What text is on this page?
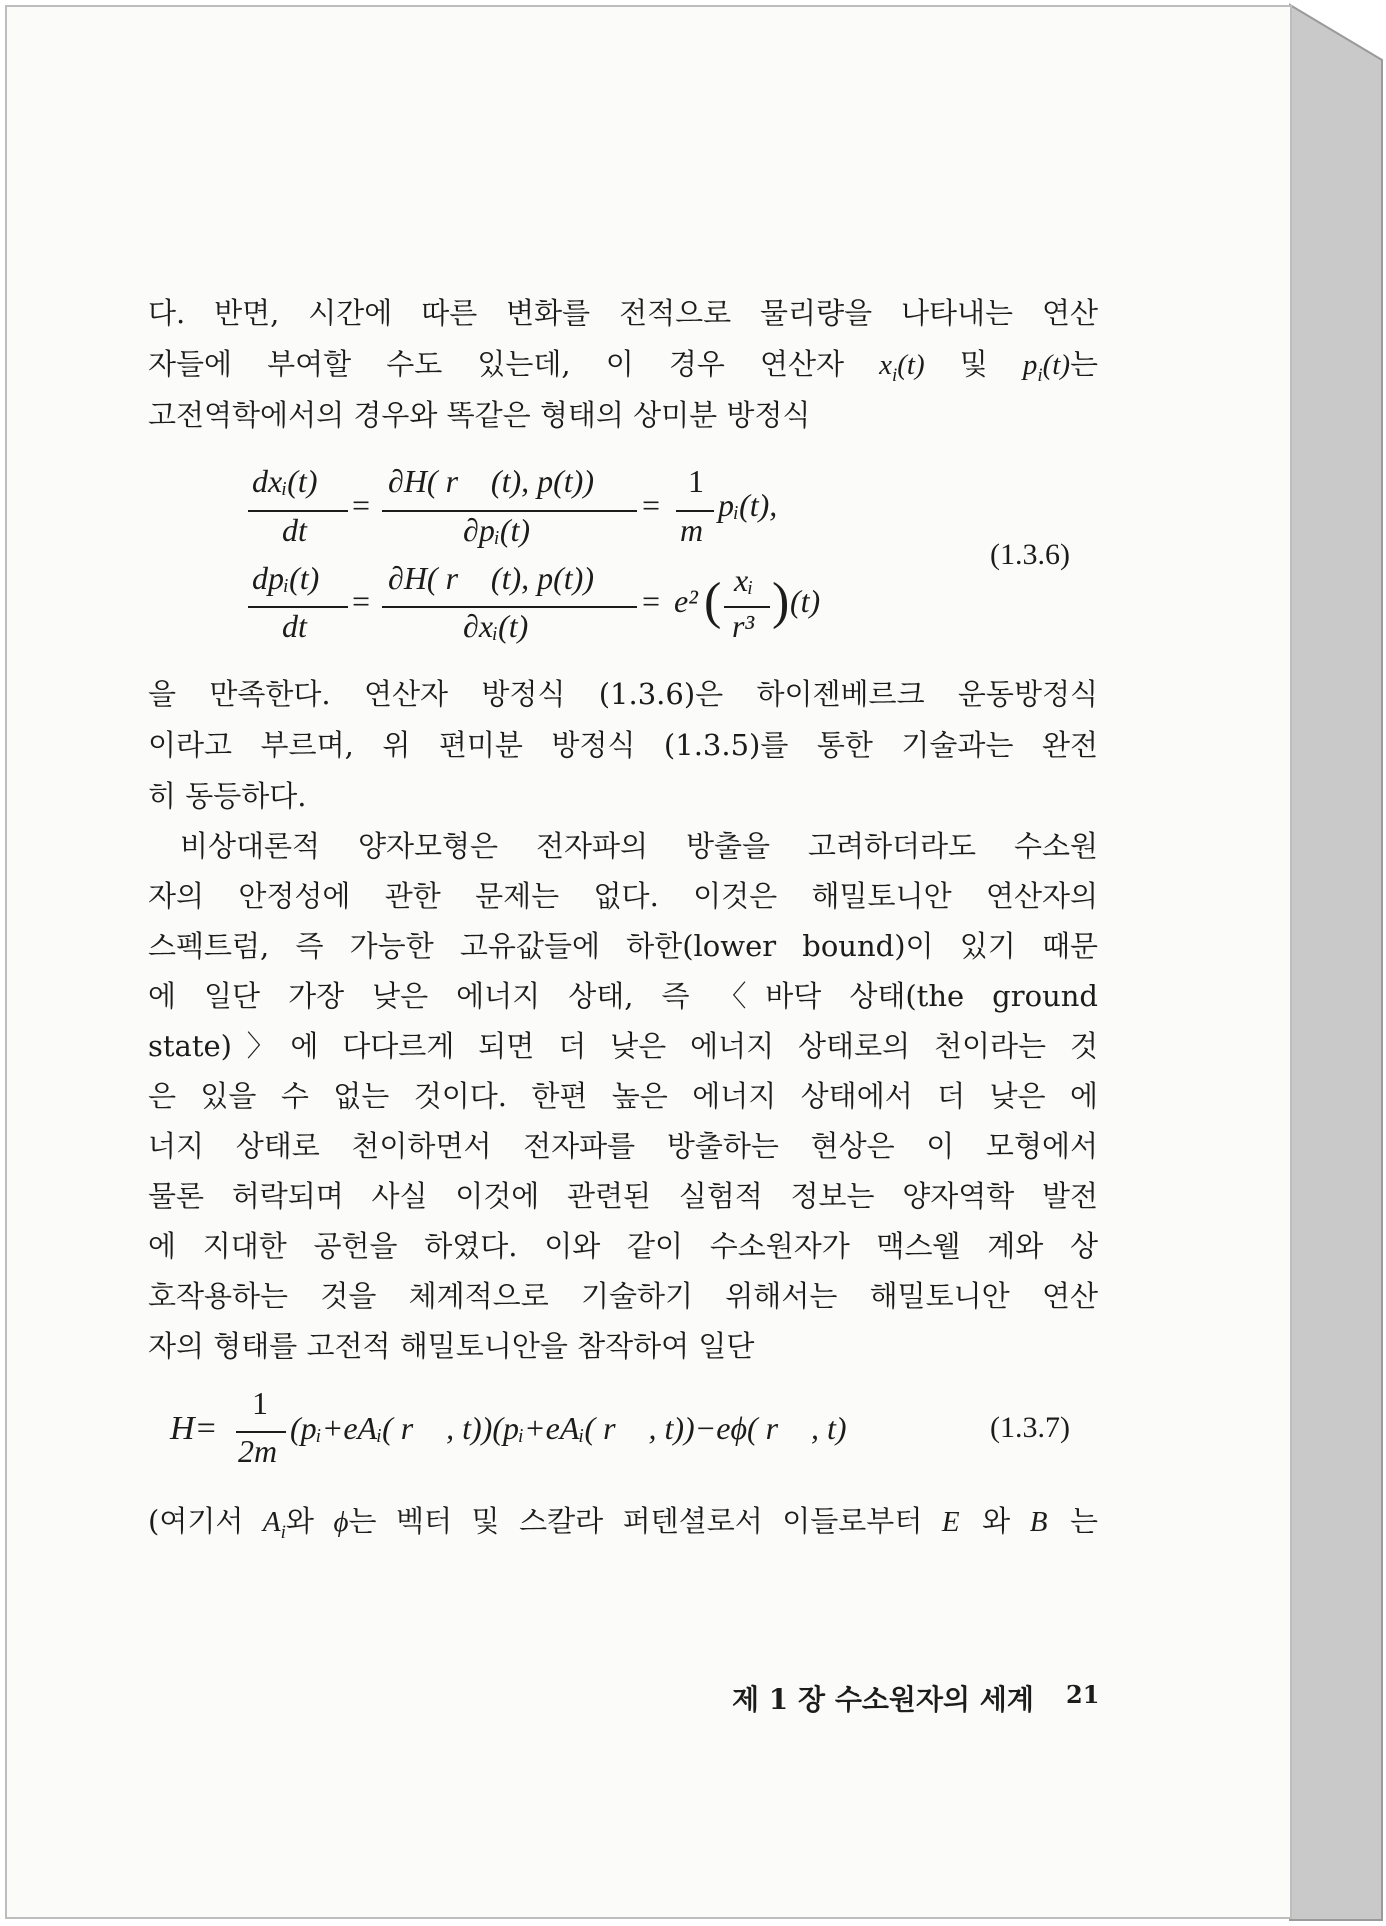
다. 반면, 시간에 따른 변화를 전적으로 물리량을 나타내는 연산
자들에 부여할 수도 있는데, 이 경우 연산자 $x_i(t)$ 및 $p_i(t)$는
고전역학에서의 경우와 똑같은 형태의 상미분 방정식
dxᵢ(t)
dt
=
∂H( r⃗ (t), p(t))
∂pᵢ(t)
=
1
m
pᵢ(t),
(1.3.6)
dpᵢ(t)
dt
=
∂H( r⃗ (t), p(t))
∂xᵢ(t)
= e² ( xᵢ
r³ ) (t)
을 만족한다. 연산자 방정식 (1.3.6)은 하이젠베르크 운동방정식
이라고 부르며, 위 편미분 방정식 (1.3.5)를 통한 기술과는 완전
히 동등하다.
비상대론적 양자모형은 전자파의 방출을 고려하더라도 수소원
자의 안정성에 관한 문제는 없다. 이것은 해밀토니안 연산자의
스펙트럼, 즉 가능한 고유값들에 하한(lower bound)이 있기 때문
에 일단 가장 낮은 에너지 상태, 즉 〈바닥 상태(the ground
state)〉에 다다르게 되면 더 낮은 에너지 상태로의 천이라는 것
은 있을 수 없는 것이다. 한편 높은 에너지 상태에서 더 낮은 에
너지 상태로 천이하면서 전자파를 방출하는 현상은 이 모형에서
물론 허락되며 사실 이것에 관련된 실험적 정보는 양자역학 발전
에 지대한 공헌을 하였다. 이와 같이 수소원자가 맥스웰 계와 상
호작용하는 것을 체계적으로 기술하기 위해서는 해밀토니안 연산
자의 형태를 고전적 해밀토니안을 참작하여 일단
H=
1
2m
(pᵢ+eAᵢ( r⃗ , t))(pᵢ+eAᵢ( r⃗ , t))−eϕ( r⃗ , t)	(1.3.7)
(여기서 $A_i$와 ϕ는 벡터 및 스칼라 퍼텐셜로서 이들로부터 E⃗와 B⃗는
제 1 장 수소원자의 세계 21
